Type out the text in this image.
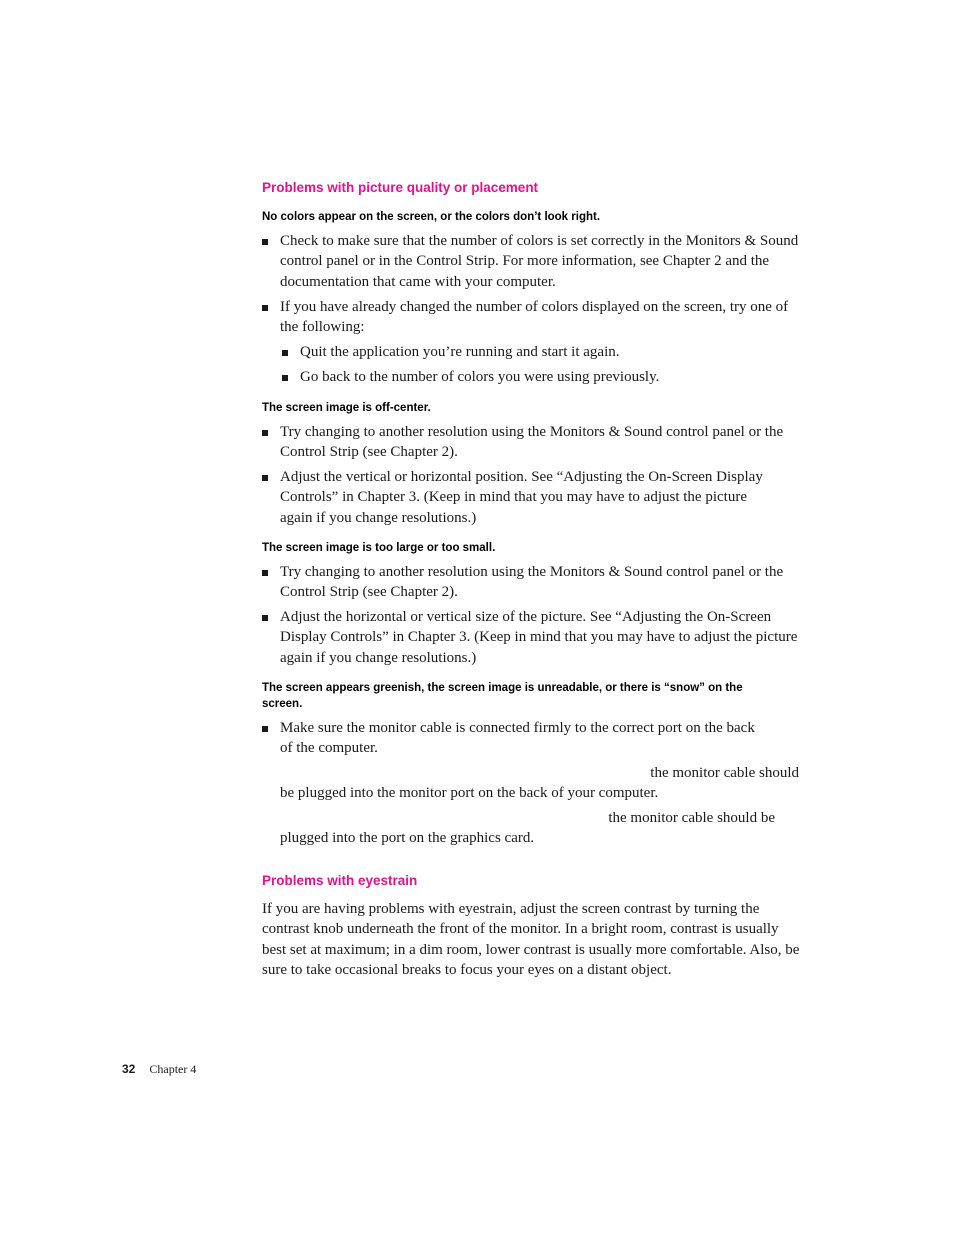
Problems with picture quality or placement
No colors appear on the screen, or the colors don’t look right.
Check to make sure that the number of colors is set correctly in the Monitors & Sound control panel or in the Control Strip. For more information, see Chapter 2 and the documentation that came with your computer.
If you have already changed the number of colors displayed on the screen, try one of the following:
Quit the application you’re running and start it again.
Go back to the number of colors you were using previously.
The screen image is off-center.
Try changing to another resolution using the Monitors & Sound control panel or the Control Strip (see Chapter 2).
Adjust the vertical or horizontal position. See “Adjusting the On-Screen Display Controls” in Chapter 3. (Keep in mind that you may have to adjust the picture again if you change resolutions.)
The screen image is too large or too small.
Try changing to another resolution using the Monitors & Sound control panel or the Control Strip (see Chapter 2).
Adjust the horizontal or vertical size of the picture. See “Adjusting the On-Screen Display Controls” in Chapter 3. (Keep in mind that you may have to adjust the picture again if you change resolutions.)
The screen appears greenish, the screen image is unreadable, or there is “snow” on the screen.
Make sure the monitor cable is connected firmly to the correct port on the back of the computer.
the monitor cable should
be plugged into the monitor port on the back of your computer.
the monitor cable should be
plugged into the port on the graphics card.
Problems with eyestrain

If you are having problems with eyestrain, adjust the screen contrast by turning the contrast knob underneath the front of the monitor. In a bright room, contrast is usually best set at maximum; in a dim room, lower contrast is usually more comfortable. Also, be sure to take occasional breaks to focus your eyes on a distant object.

32 Chapter 4
